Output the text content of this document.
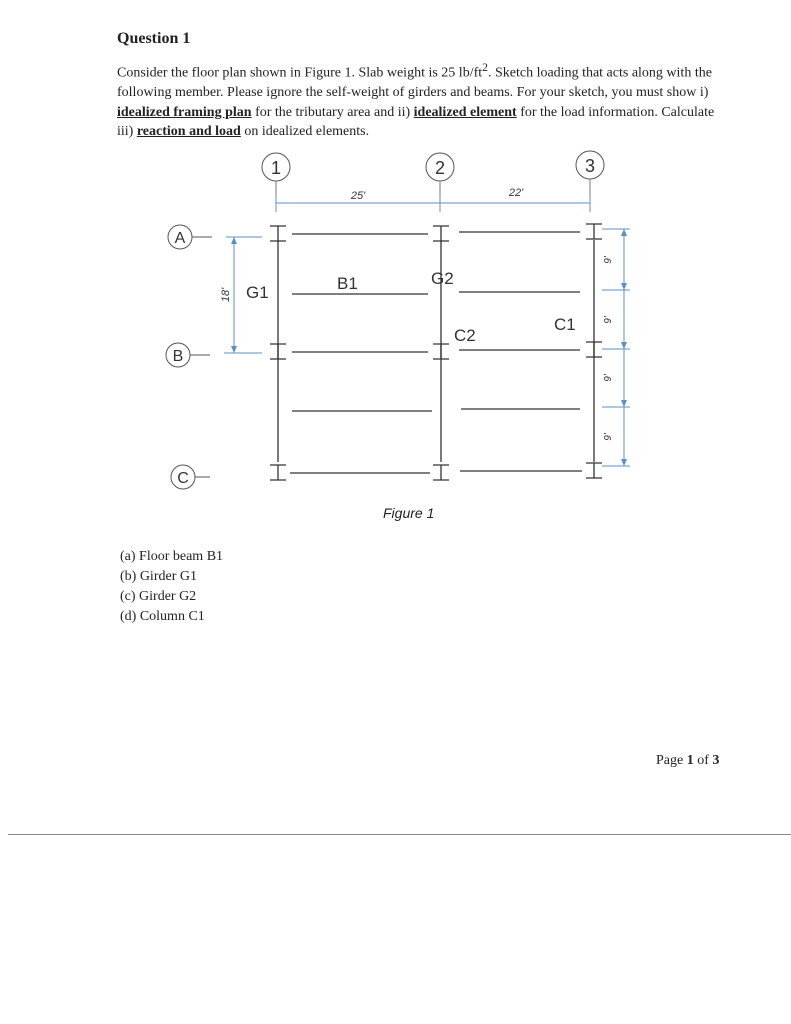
Question 1
Consider the floor plan shown in Figure 1. Slab weight is 25 $lb/ft^2$. Sketch loading that acts along with the following member. Please ignore the self-weight of girders and beams. For your sketch, you must show i) idealized framing plan for the tributary area and ii) idealized element for the load information. Calculate iii) reaction and load on idealized elements.
1	2	3
A
B
C
25'	22'
18'
9'
9'
9'
9'
G1	B1	G2
C1
C2
Figure 1
(a) Floor beam B1
(b) Girder G1
(c) Girder G2
(d) Column C1
Page 1 of 3
